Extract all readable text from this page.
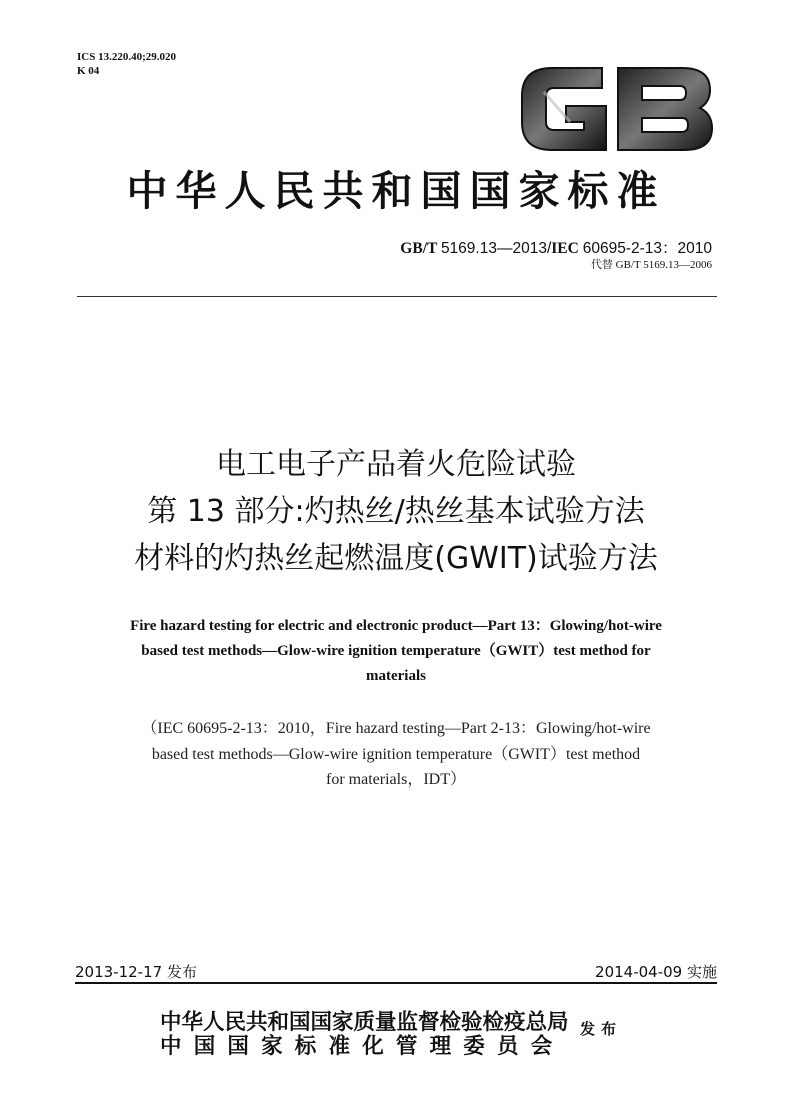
ICS 13.220.40;29.020
K 04
中华人民共和国国家标准
GB/T 5169.13—2013/IEC 60695-2-13：2010
代替 GB/T 5169.13—2006
电工电子产品着火危险试验
第 13 部分:灼热丝/热丝基本试验方法
材料的灼热丝起燃温度(GWIT)试验方法
Fire hazard testing for electric and electronic product—Part 13：Glowing/hot-wire
based test methods—Glow-wire ignition temperature（GWIT）test method for
materials
（IEC 60695-2-13：2010，Fire hazard testing—Part 2-13：Glowing/hot-wire
based test methods—Glow-wire ignition temperature（GWIT）test method
for materials，IDT）
2013-12-17 发布	2014-04-09 实施
中华人民共和国国家质量监督检验检疫总局
中国国家标准化管理委员会
发布
